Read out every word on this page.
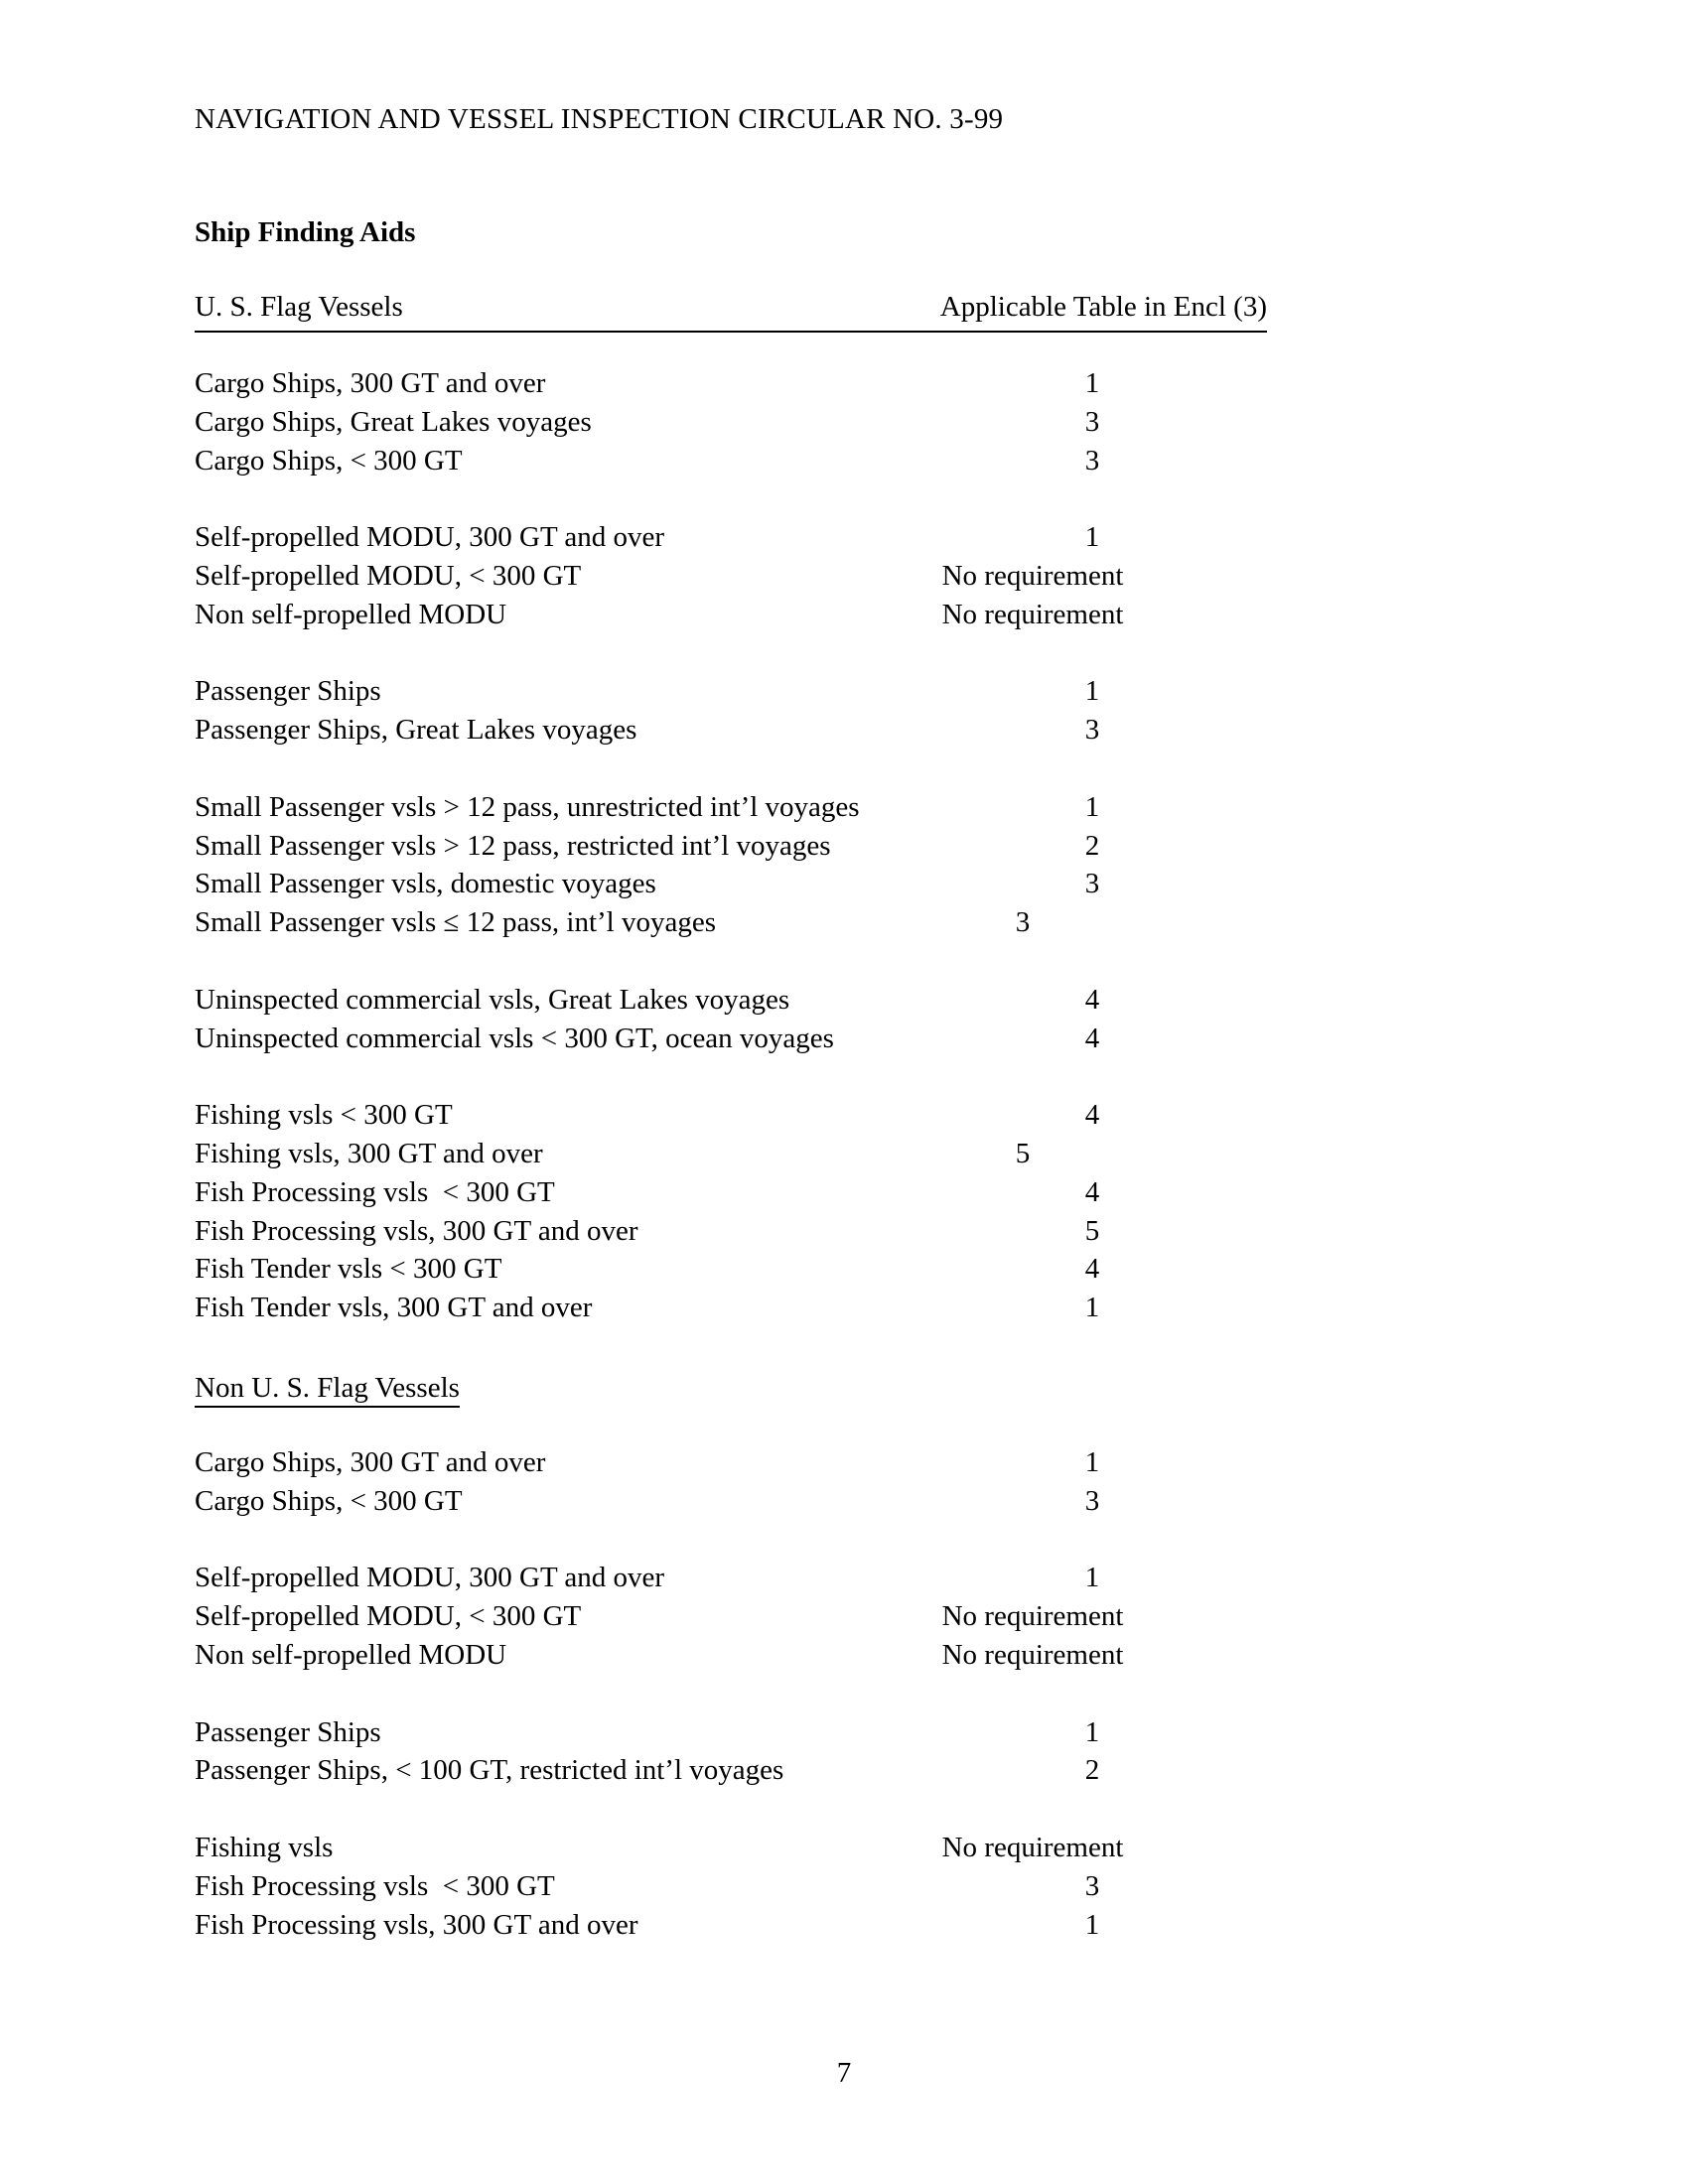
NAVIGATION AND VESSEL INSPECTION CIRCULAR NO. 3-99
Ship Finding Aids
U. S. Flag Vessels	Applicable Table in Encl (3)
Cargo Ships, 300 GT and over	1
Cargo Ships, Great Lakes voyages	3
Cargo Ships, < 300 GT	3
Self-propelled MODU, 300 GT and over	1
Self-propelled MODU, < 300 GT	No requirement
Non self-propelled MODU	No requirement
Passenger Ships	1
Passenger Ships, Great Lakes voyages	3
Small Passenger vsls > 12 pass, unrestricted int’l voyages	1
Small Passenger vsls > 12 pass, restricted int’l voyages	2
Small Passenger vsls, domestic voyages	3
Small Passenger vsls ≤ 12 pass, int’l voyages	3
Uninspected commercial vsls, Great Lakes voyages	4
Uninspected commercial vsls < 300 GT, ocean voyages	4
Fishing vsls < 300 GT	4
Fishing vsls, 300 GT and over	5
Fish Processing vsls  < 300 GT	4
Fish Processing vsls, 300 GT and over	5
Fish Tender vsls < 300 GT	4
Fish Tender vsls, 300 GT and over	1
Non U. S. Flag Vessels
Cargo Ships, 300 GT and over	1
Cargo Ships, < 300 GT	3
Self-propelled MODU, 300 GT and over	1
Self-propelled MODU, < 300 GT	No requirement
Non self-propelled MODU	No requirement
Passenger Ships	1
Passenger Ships, < 100 GT, restricted int’l voyages	2
Fishing vsls	No requirement
Fish Processing vsls  < 300 GT	3
Fish Processing vsls, 300 GT and over	1
7
